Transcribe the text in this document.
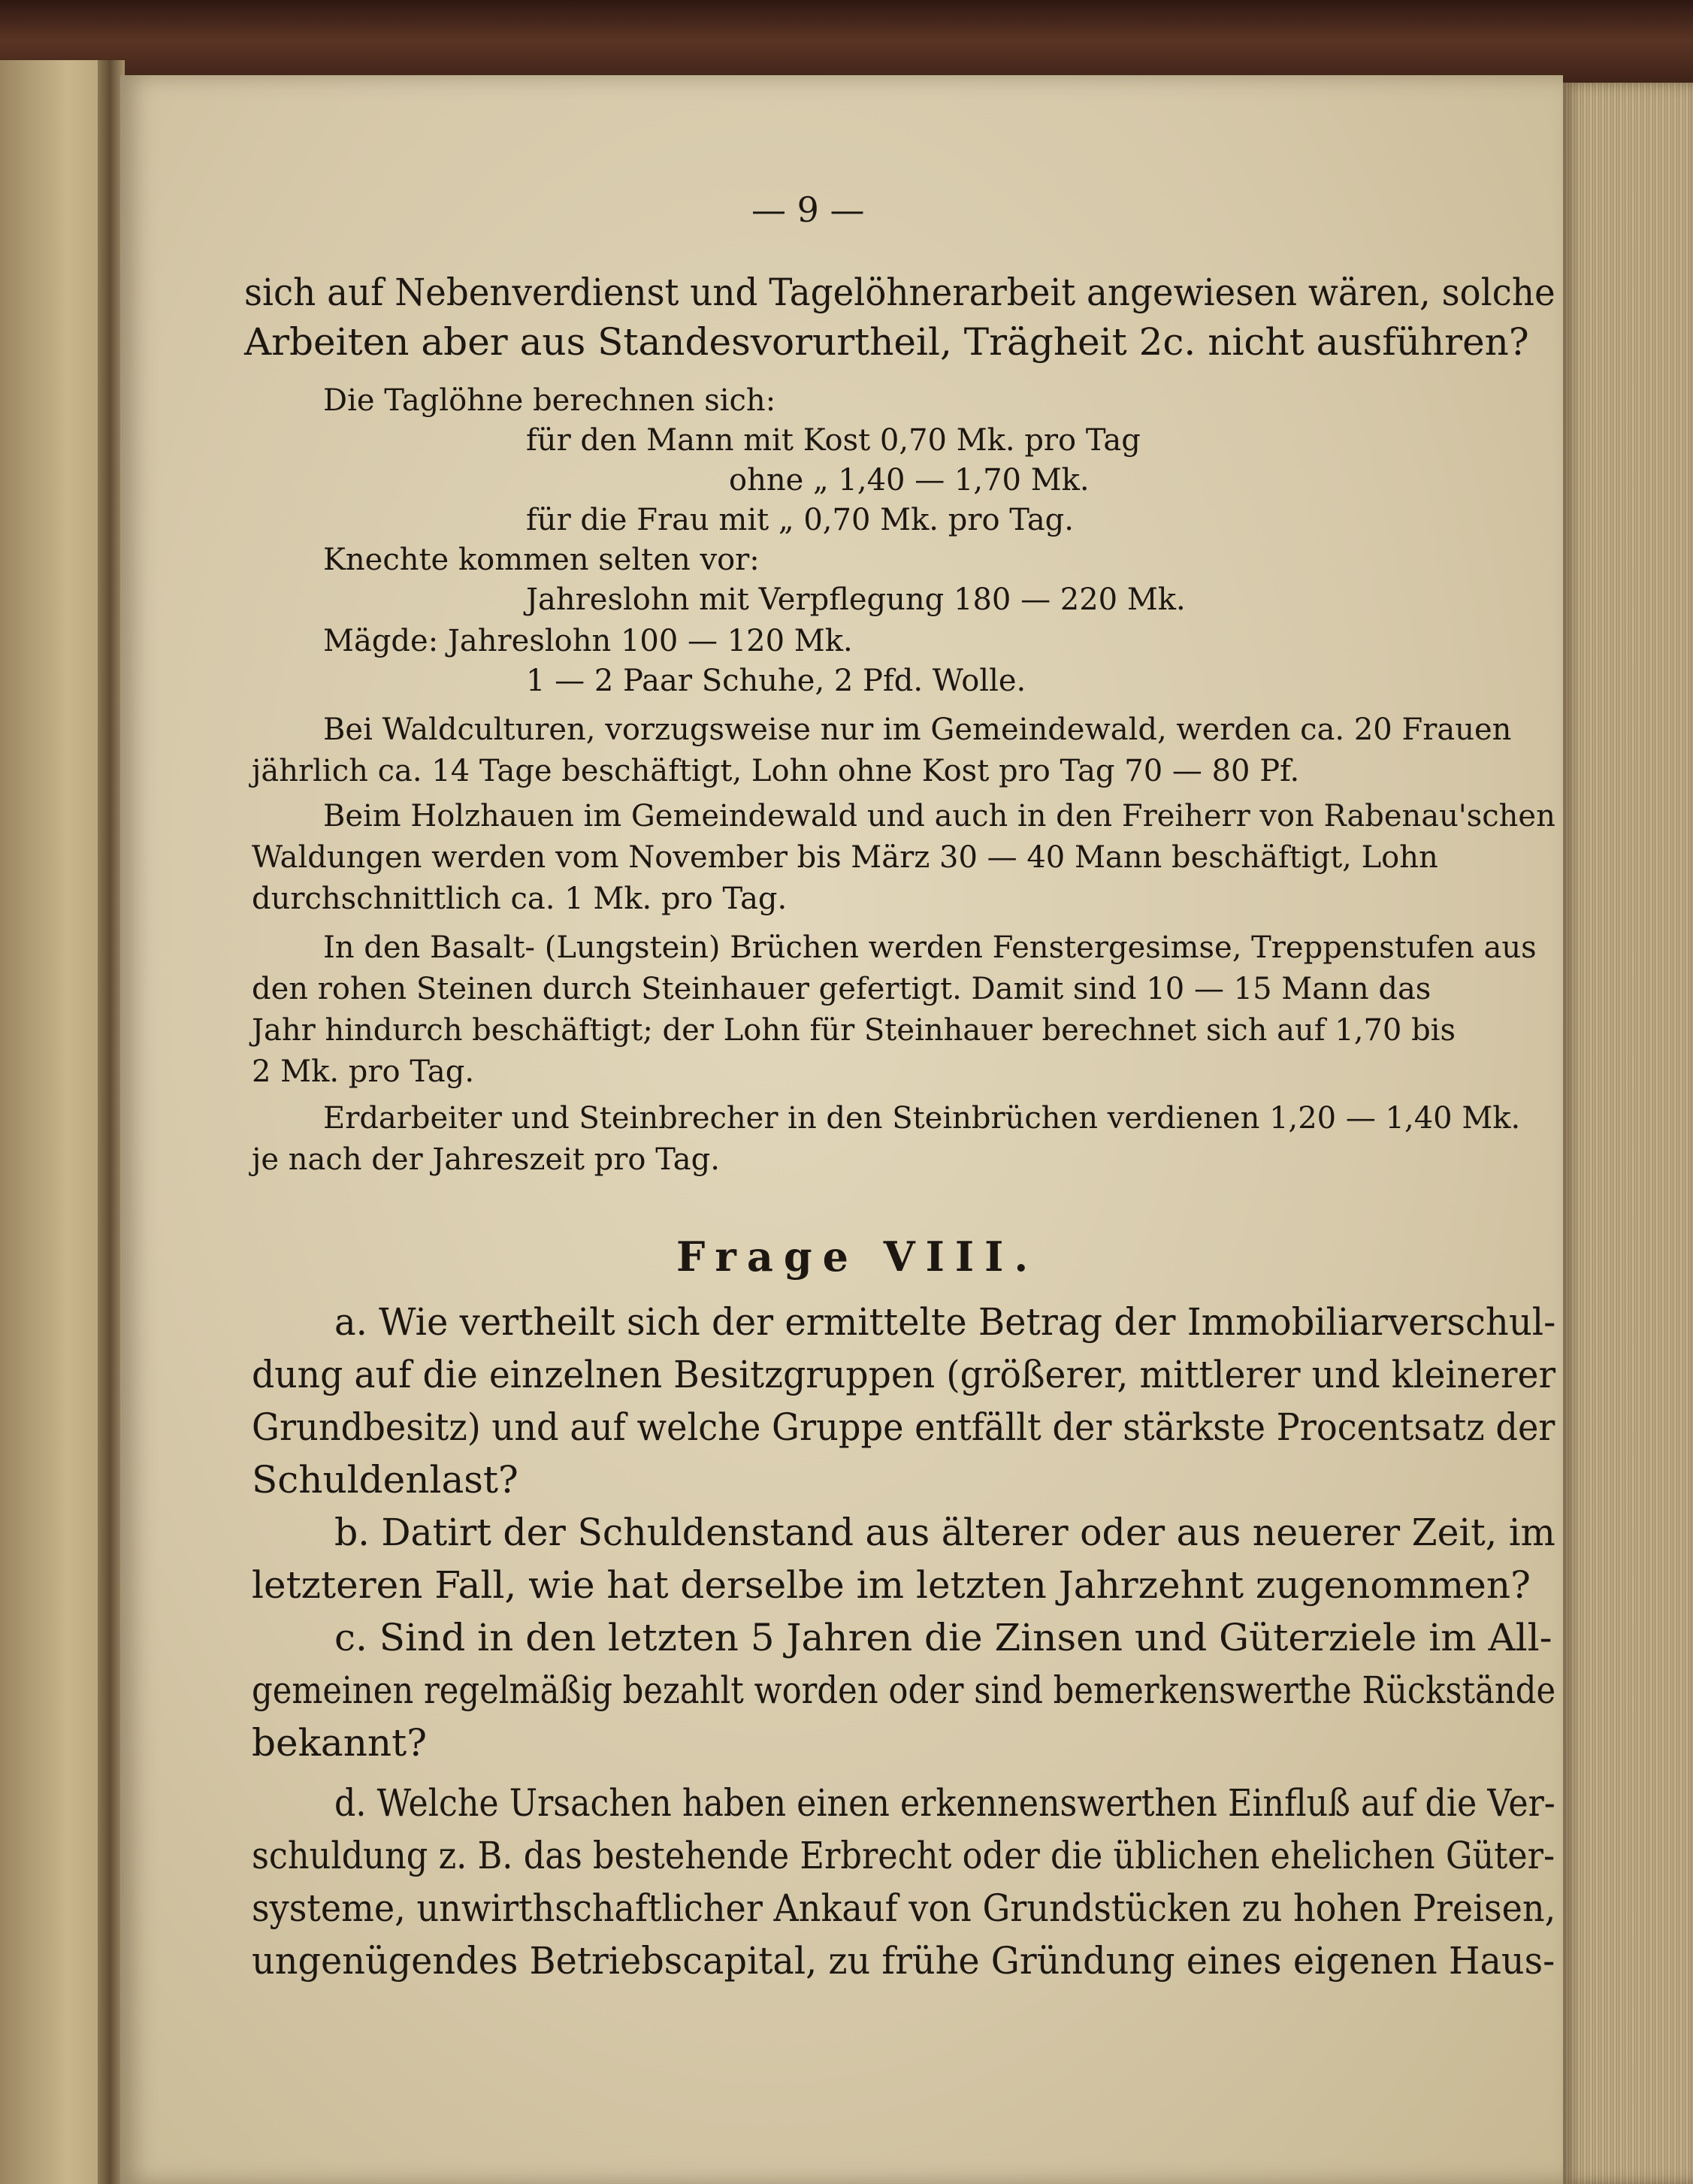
— 9 —
sich auf Nebenverdienst und Tagelöhnerarbeit angewiesen wären, solche
Arbeiten aber aus Standesvorurtheil, Trägheit 2c. nicht ausführen?
Die Taglöhne berechnen sich:
für den Mann mit Kost 0,70 Mk. pro Tag
ohne „ 1,40 — 1,70 Mk.
für die Frau mit „ 0,70 Mk. pro Tag.
Knechte kommen selten vor:
Jahreslohn mit Verpflegung 180 — 220 Mk.
Mägde: Jahreslohn 100 — 120 Mk.
1 — 2 Paar Schuhe, 2 Pfd. Wolle.
Bei Waldculturen, vorzugsweise nur im Gemeindewald, werden ca. 20 Frauen
jährlich ca. 14 Tage beschäftigt, Lohn ohne Kost pro Tag 70 — 80 Pf.
Beim Holzhauen im Gemeindewald und auch in den Freiherr von Rabenau'schen
Waldungen werden vom November bis März 30 — 40 Mann beschäftigt, Lohn
durchschnittlich ca. 1 Mk. pro Tag.
In den Basalt- (Lungstein) Brüchen werden Fenstergesimse, Treppenstufen aus
den rohen Steinen durch Steinhauer gefertigt. Damit sind 10 — 15 Mann das
Jahr hindurch beschäftigt; der Lohn für Steinhauer berechnet sich auf 1,70 bis
2 Mk. pro Tag.
Erdarbeiter und Steinbrecher in den Steinbrüchen verdienen 1,20 — 1,40 Mk.
je nach der Jahreszeit pro Tag.
Frage VIII.
a. Wie vertheilt sich der ermittelte Betrag der Immobiliarverschul-
dung auf die einzelnen Besitzgruppen (größerer, mittlerer und kleinerer
Grundbesitz) und auf welche Gruppe entfällt der stärkste Procentsatz der
Schuldenlast?
b. Datirt der Schuldenstand aus älterer oder aus neuerer Zeit, im
letzteren Fall, wie hat derselbe im letzten Jahrzehnt zugenommen?
c. Sind in den letzten 5 Jahren die Zinsen und Güterziele im All-
gemeinen regelmäßig bezahlt worden oder sind bemerkenswerthe Rückstände
bekannt?
d. Welche Ursachen haben einen erkennenswerthen Einfluß auf die Ver-
schuldung z. B. das bestehende Erbrecht oder die üblichen ehelichen Güter-
systeme, unwirthschaftlicher Ankauf von Grundstücken zu hohen Preisen,
ungenügendes Betriebscapital, zu frühe Gründung eines eigenen Haus-
